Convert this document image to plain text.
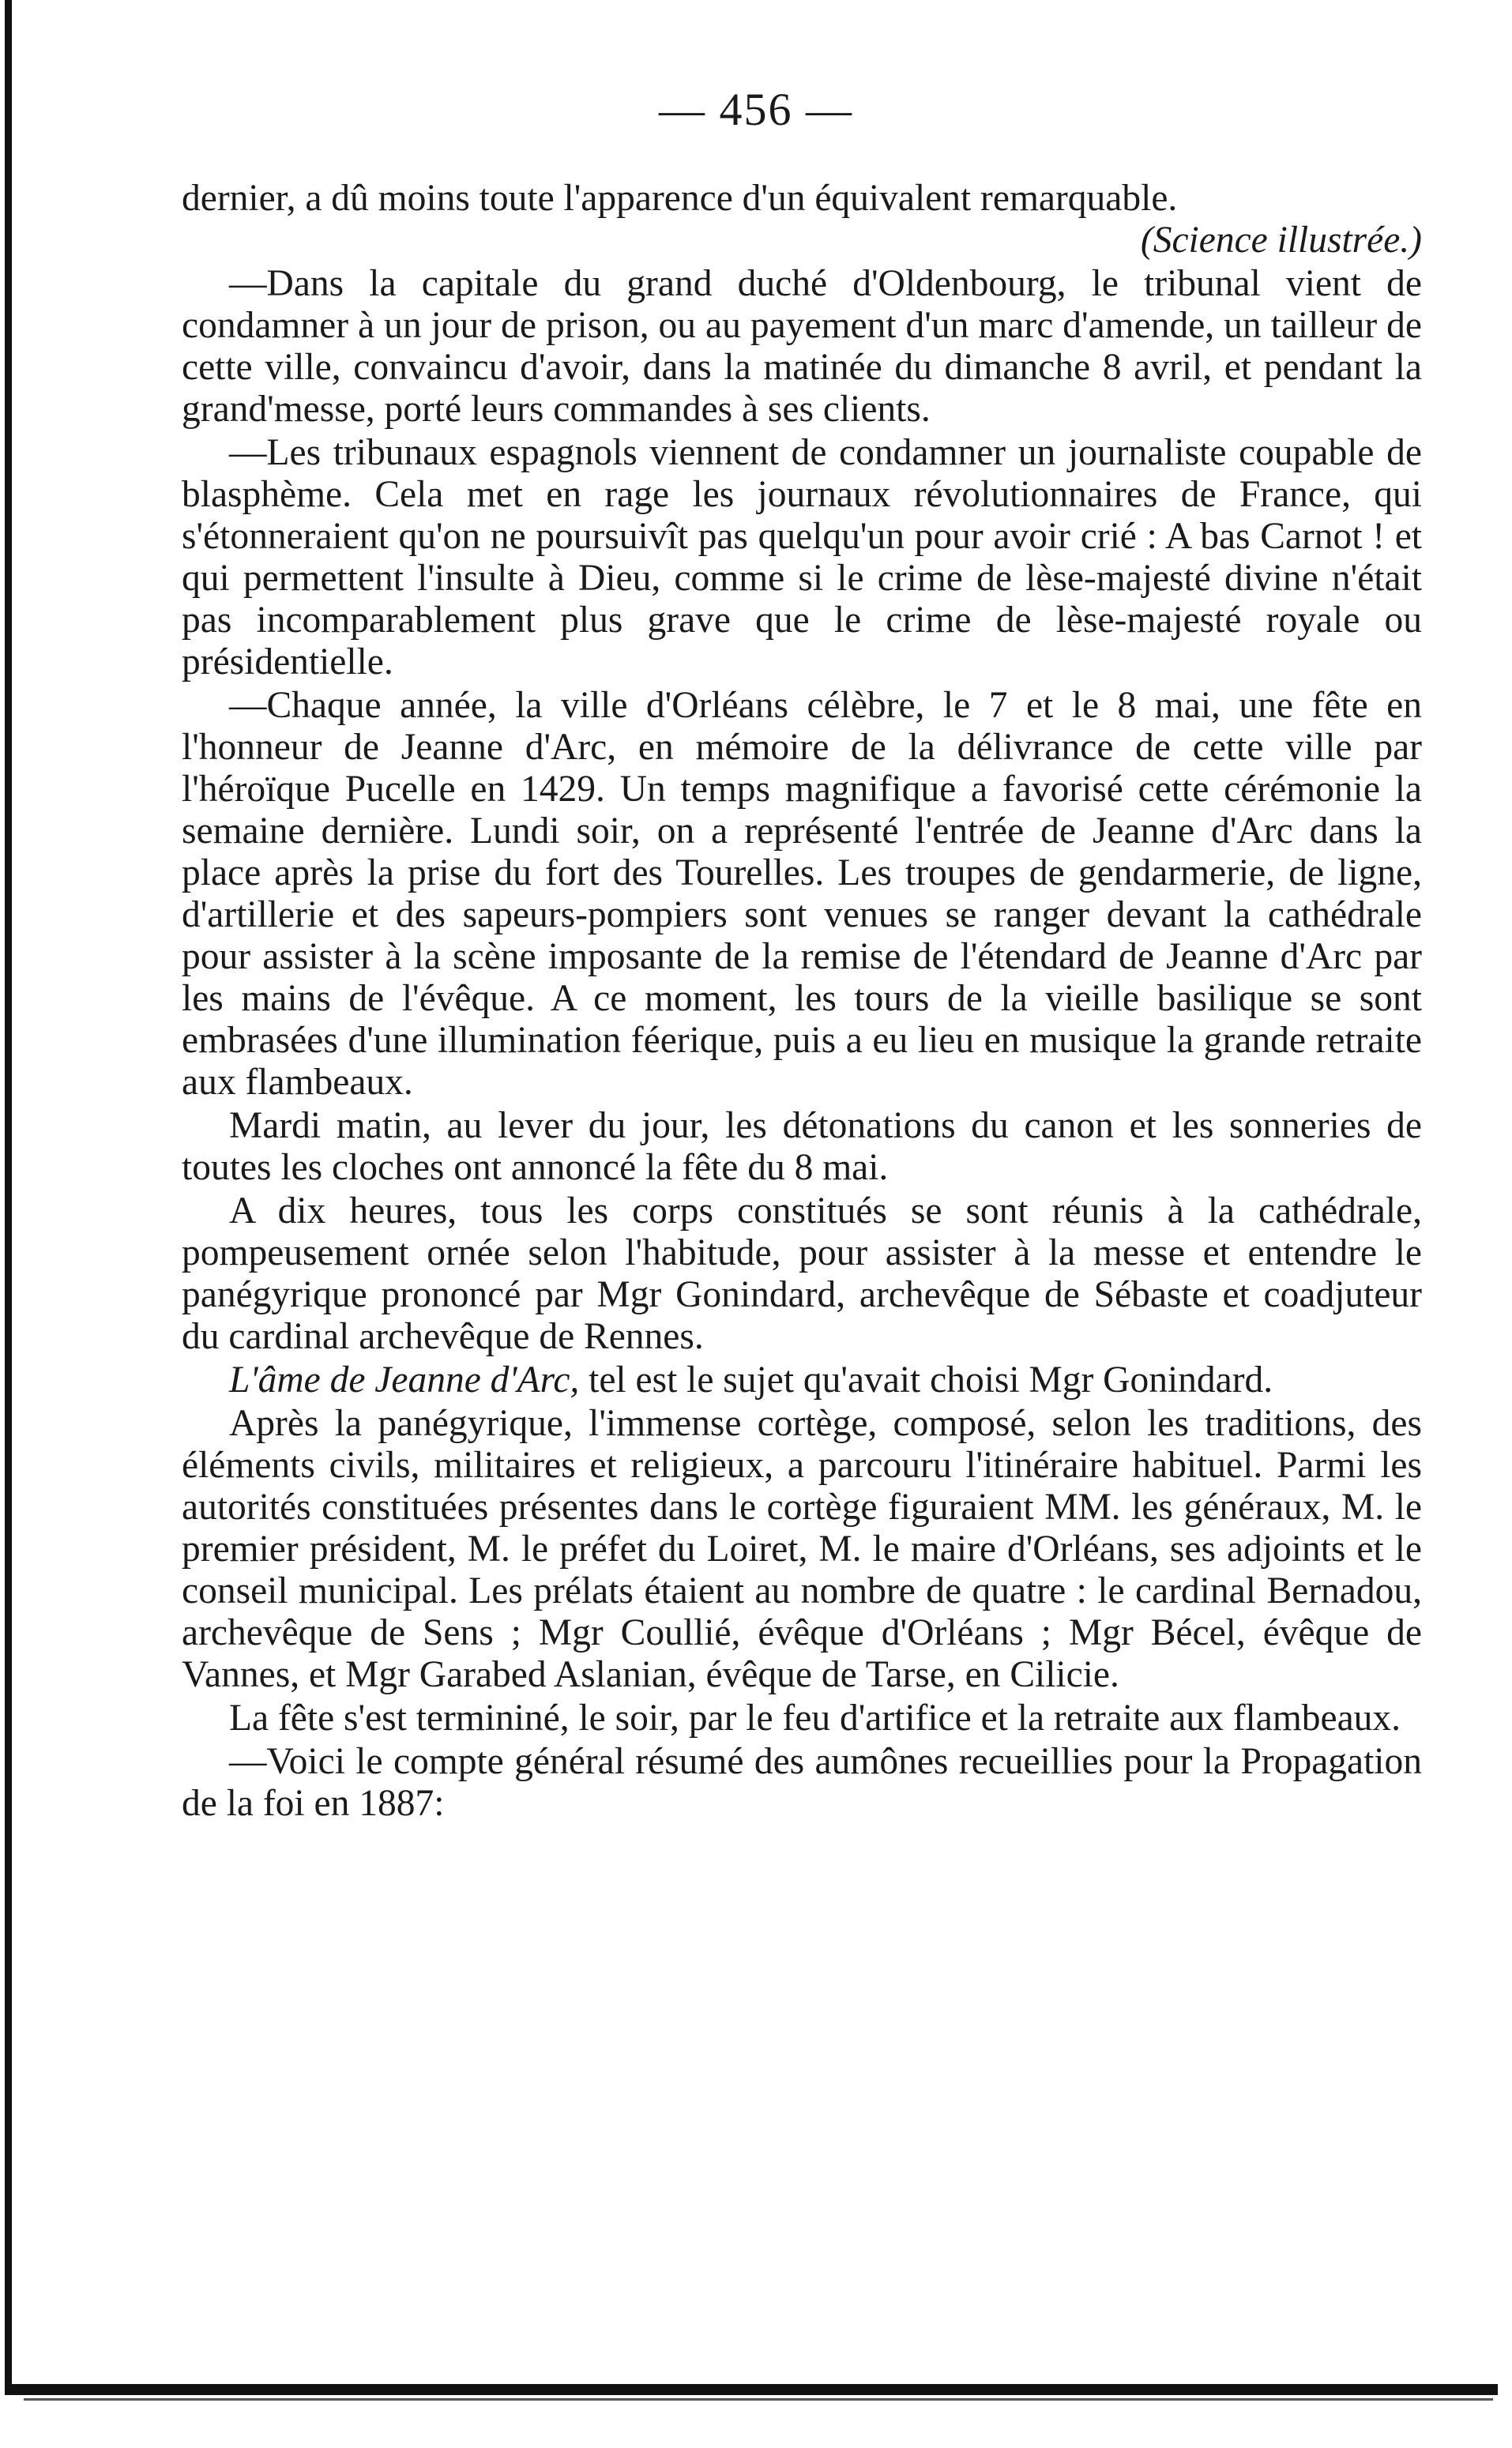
— 456 —

dernier, a dû moins toute l'apparence d'un équivalent remarquable.
(Science illustrée.)

—Dans la capitale du grand duché d'Oldenbourg, le tribunal vient de condamner à un jour de prison, ou au payement d'un marc d'amende, un tailleur de cette ville, convaincu d'avoir, dans la matinée du dimanche 8 avril, et pendant la grand'messe, porté leurs commandes à ses clients.

—Les tribunaux espagnols viennent de condamner un journaliste coupable de blasphème. Cela met en rage les journaux révolutionnaires de France, qui s'étonneraient qu'on ne poursuivît pas quelqu'un pour avoir crié : A bas Carnot ! et qui permettent l'insulte à Dieu, comme si le crime de lèse-majesté divine n'était pas incomparablement plus grave que le crime de lèse-majesté royale ou présidentielle.

—Chaque année, la ville d'Orléans célèbre, le 7 et le 8 mai, une fête en l'honneur de Jeanne d'Arc, en mémoire de la délivrance de cette ville par l'héroïque Pucelle en 1429. Un temps magnifique a favorisé cette cérémonie la semaine dernière. Lundi soir, on a représenté l'entrée de Jeanne d'Arc dans la place après la prise du fort des Tourelles. Les troupes de gendarmerie, de ligne, d'artillerie et des sapeurs-pompiers sont venues se ranger devant la cathédrale pour assister à la scène imposante de la remise de l'étendard de Jeanne d'Arc par les mains de l'évêque. A ce moment, les tours de la vieille basilique se sont embrasées d'une illumination féerique, puis a eu lieu en musique la grande retraite aux flambeaux.

Mardi matin, au lever du jour, les détonations du canon et les sonneries de toutes les cloches ont annoncé la fête du 8 mai.

A dix heures, tous les corps constitués se sont réunis à la cathédrale, pompeusement ornée selon l'habitude, pour assister à la messe et entendre le panégyrique prononcé par Mgr Gonindard, archevêque de Sébaste et coadjuteur du cardinal archevêque de Rennes.

L'âme de Jeanne d'Arc, tel est le sujet qu'avait choisi Mgr Gonindard.

Après la panégyrique, l'immense cortège, composé, selon les traditions, des éléments civils, militaires et religieux, a parcouru l'itinéraire habituel. Parmi les autorités constituées présentes dans le cortège figuraient MM. les généraux, M. le premier président, M. le préfet du Loiret, M. le maire d'Orléans, ses adjoints et le conseil municipal. Les prélats étaient au nombre de quatre : le cardinal Bernadou, archevêque de Sens ; Mgr Coullié, évêque d'Orléans ; Mgr Bécel, évêque de Vannes, et Mgr Garabed Aslanian, évêque de Tarse, en Cilicie.

La fête s'est termininé, le soir, par le feu d'artifice et la retraite aux flambeaux.

—Voici le compte général résumé des aumônes recueillies pour la Propagation de la foi en 1887:
